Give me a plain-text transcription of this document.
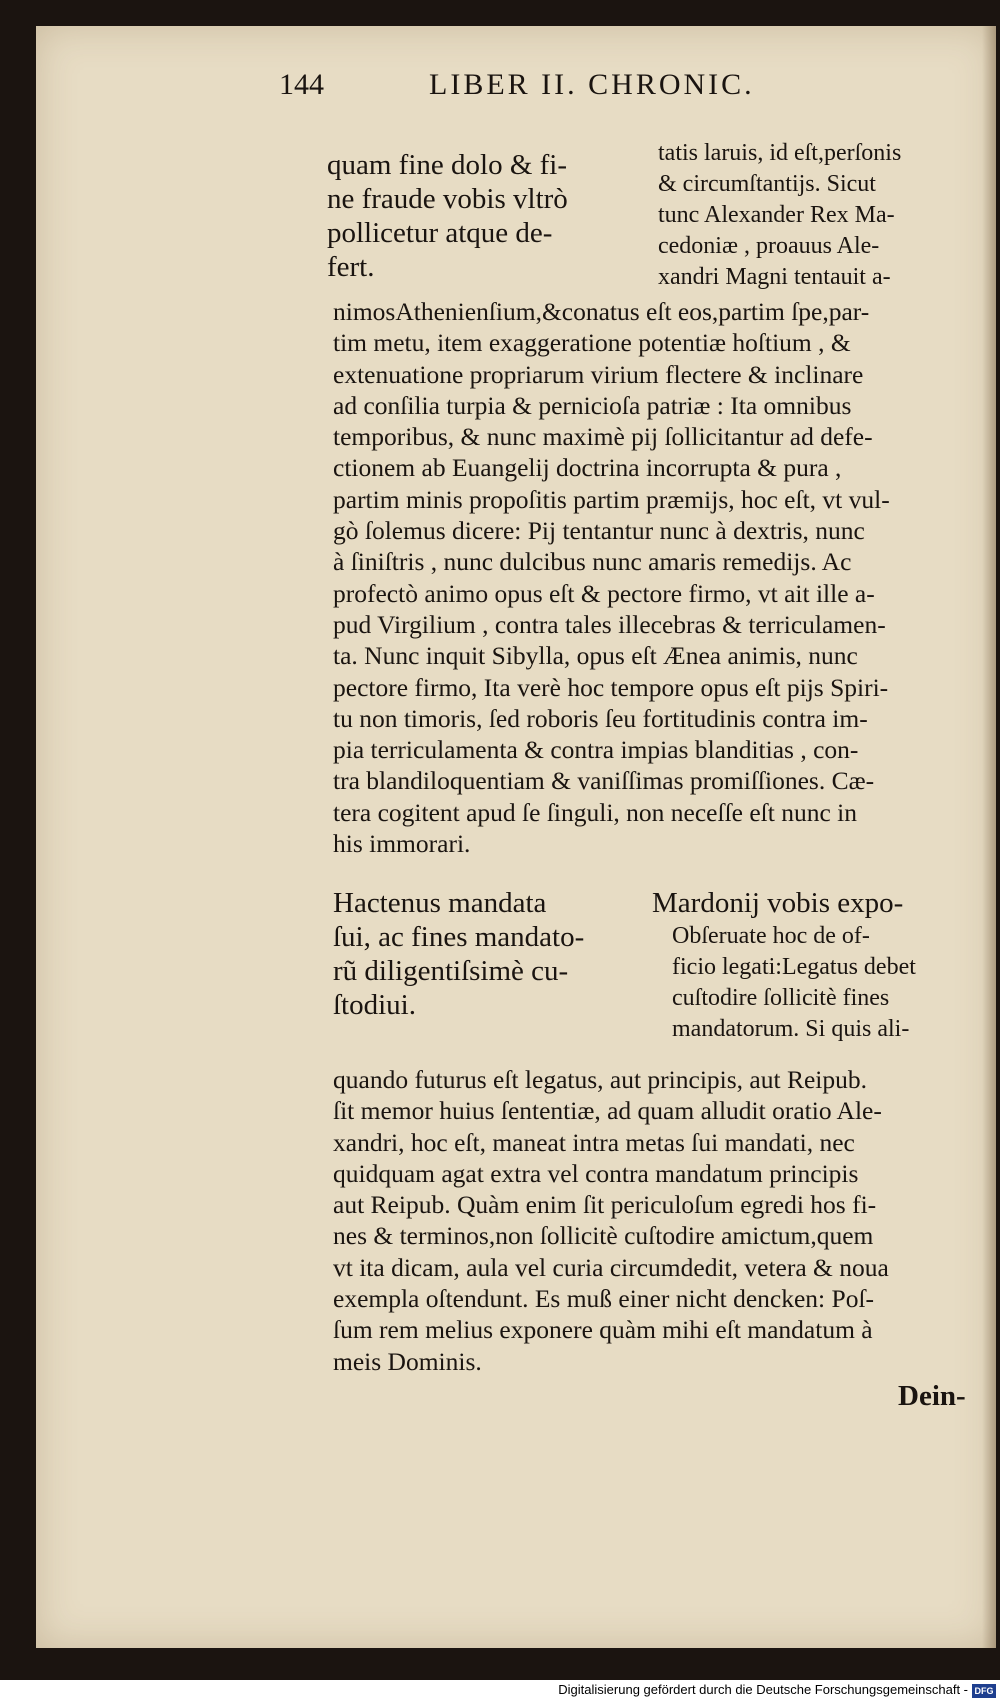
144	LIBER II. CHRONIC.
quam fine dolo & fi-
ne fraude vobis vltrò
pollicetur atque de-
fert.
tatis laruis, id eſt,perſonis
& circumſtantijs. Sicut
tunc Alexander Rex Ma-
cedoniæ , proauus Ale-
xandri Magni tentauit a-
nimosAthenienſium,&conatus eſt eos,partim ſpe,par-
tim metu, item exaggeratione potentiæ hoſtium , &
extenuatione propriarum virium flectere & inclinare
ad conſilia turpia & pernicioſa patriæ : Ita omnibus
temporibus, & nunc maximè pij ſollicitantur ad defe-
ctionem ab Euangelij doctrina incorrupta & pura ,
partim minis propoſitis partim præmijs, hoc eſt, vt vul-
gò ſolemus dicere: Pij tentantur nunc à dextris, nunc
à ſiniſtris , nunc dulcibus nunc amaris remedijs. Ac
profectò animo opus eſt & pectore firmo, vt ait ille a-
pud Virgilium , contra tales illecebras & terriculamen-
ta. Nunc inquit Sibylla, opus eſt Æneа animis, nunc
pectore firmo, Ita verè hoc tempore opus eſt pijs Spiri-
tu non timoris, ſed roboris ſeu fortitudinis contra im-
pia terriculamenta & contra impias blanditias , con-
tra blandiloquentiam & vaniſſimas promiſſiones. Cæ-
tera cogitent apud ſe ſinguli, non neceſſe eſt nunc in
his immorari.
Hactenus mandata
ſui, ac fines mandato-
rũ diligentiſsimè cu-
ſtodiui.
Mardonij vobis expo-
Obſeruate hoc de of-
ficio legati:Legatus debet
cuſtodire ſollicitè fines
mandatorum. Si quis ali-
quando futurus eſt legatus, aut principis, aut Reipub.
ſit memor huius ſententiæ, ad quam alludit oratio Ale-
xandri, hoc eſt, maneat intra metas ſui mandati, nec
quidquam agat extra vel contra mandatum principis
aut Reipub. Quàm enim ſit periculoſum egredi hos fi-
nes & terminos,non ſollicitè cuſtodire amictum,quem
vt ita dicam, aula vel curia circumdedit, vetera & noua
exempla oſtendunt. Es muß einer nicht dencken: Poſ-
ſum rem melius exponere quàm mihi eſt mandatum à
meis Dominis.
Dein-
Digitalisierung gefördert durch die Deutsche Forschungsgemeinschaft - DFG
